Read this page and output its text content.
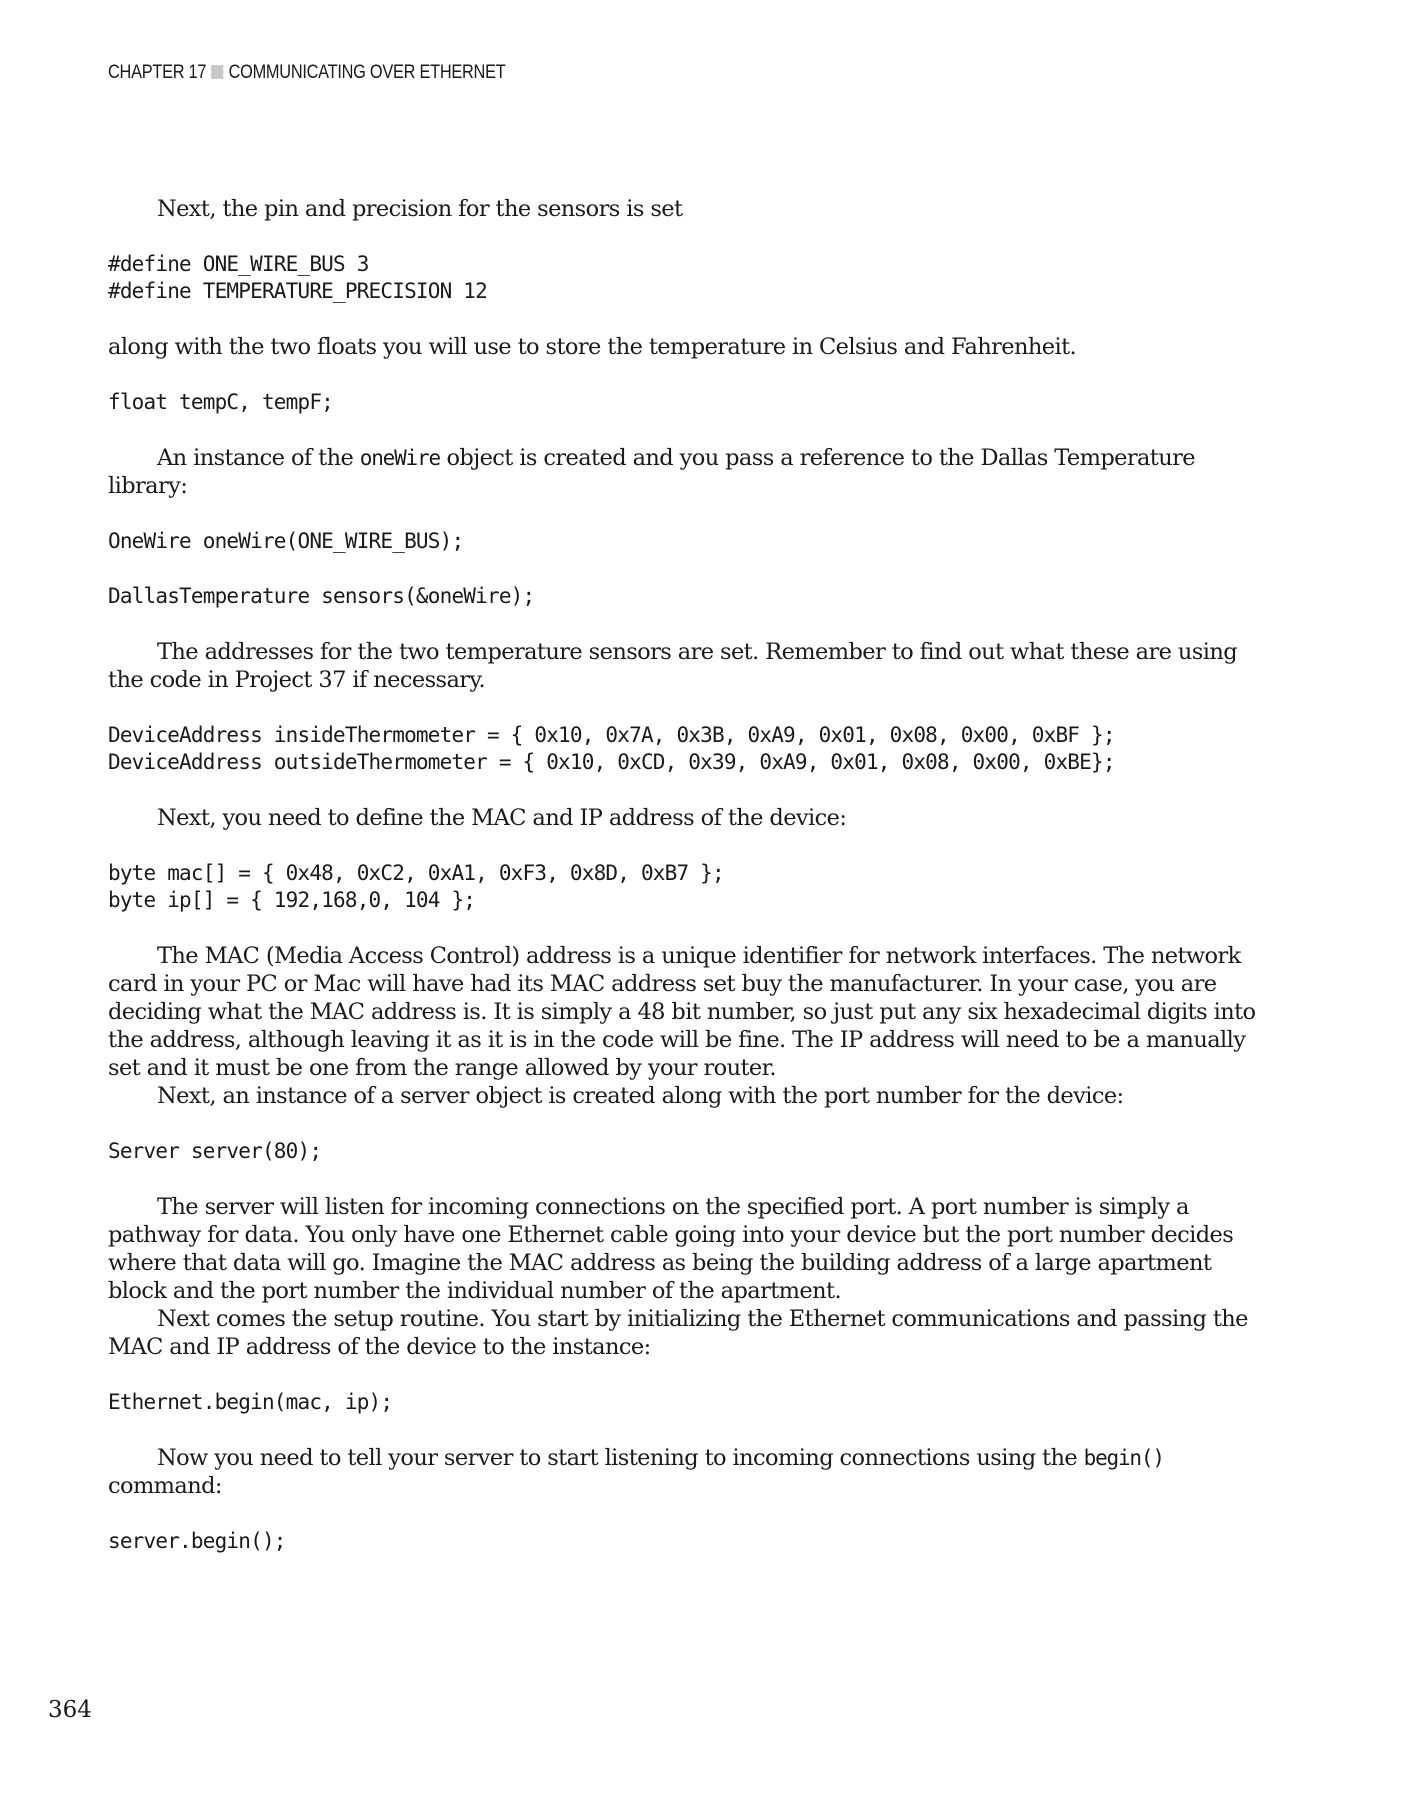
CHAPTER 17 COMMUNICATING OVER ETHERNET

Next, the pin and precision for the sensors is set

#define ONE_WIRE_BUS 3
#define TEMPERATURE_PRECISION 12

along with the two floats you will use to store the temperature in Celsius and Fahrenheit.

float tempC, tempF;

An instance of the oneWire object is created and you pass a reference to the Dallas Temperature library:

OneWire oneWire(ONE_WIRE_BUS);
DallasTemperature sensors(&oneWire);

The addresses for the two temperature sensors are set. Remember to find out what these are using the code in Project 37 if necessary.

DeviceAddress insideThermometer = { 0x10, 0x7A, 0x3B, 0xA9, 0x01, 0x08, 0x00, 0xBF };
DeviceAddress outsideThermometer = { 0x10, 0xCD, 0x39, 0xA9, 0x01, 0x08, 0x00, 0xBE};

Next, you need to define the MAC and IP address of the device:

byte mac[] = { 0x48, 0xC2, 0xA1, 0xF3, 0x8D, 0xB7 };
byte ip[] = { 192,168,0, 104 };

The MAC (Media Access Control) address is a unique identifier for network interfaces. The network card in your PC or Mac will have had its MAC address set buy the manufacturer. In your case, you are deciding what the MAC address is. It is simply a 48 bit number, so just put any six hexadecimal digits into the address, although leaving it as it is in the code will be fine. The IP address will need to be a manually set and it must be one from the range allowed by your router.

Next, an instance of a server object is created along with the port number for the device:

Server server(80);

The server will listen for incoming connections on the specified port. A port number is simply a pathway for data. You only have one Ethernet cable going into your device but the port number decides where that data will go. Imagine the MAC address as being the building address of a large apartment block and the port number the individual number of the apartment.

Next comes the setup routine. You start by initializing the Ethernet communications and passing the MAC and IP address of the device to the instance:

Ethernet.begin(mac, ip);

Now you need to tell your server to start listening to incoming connections using the begin() command:

server.begin();
364
